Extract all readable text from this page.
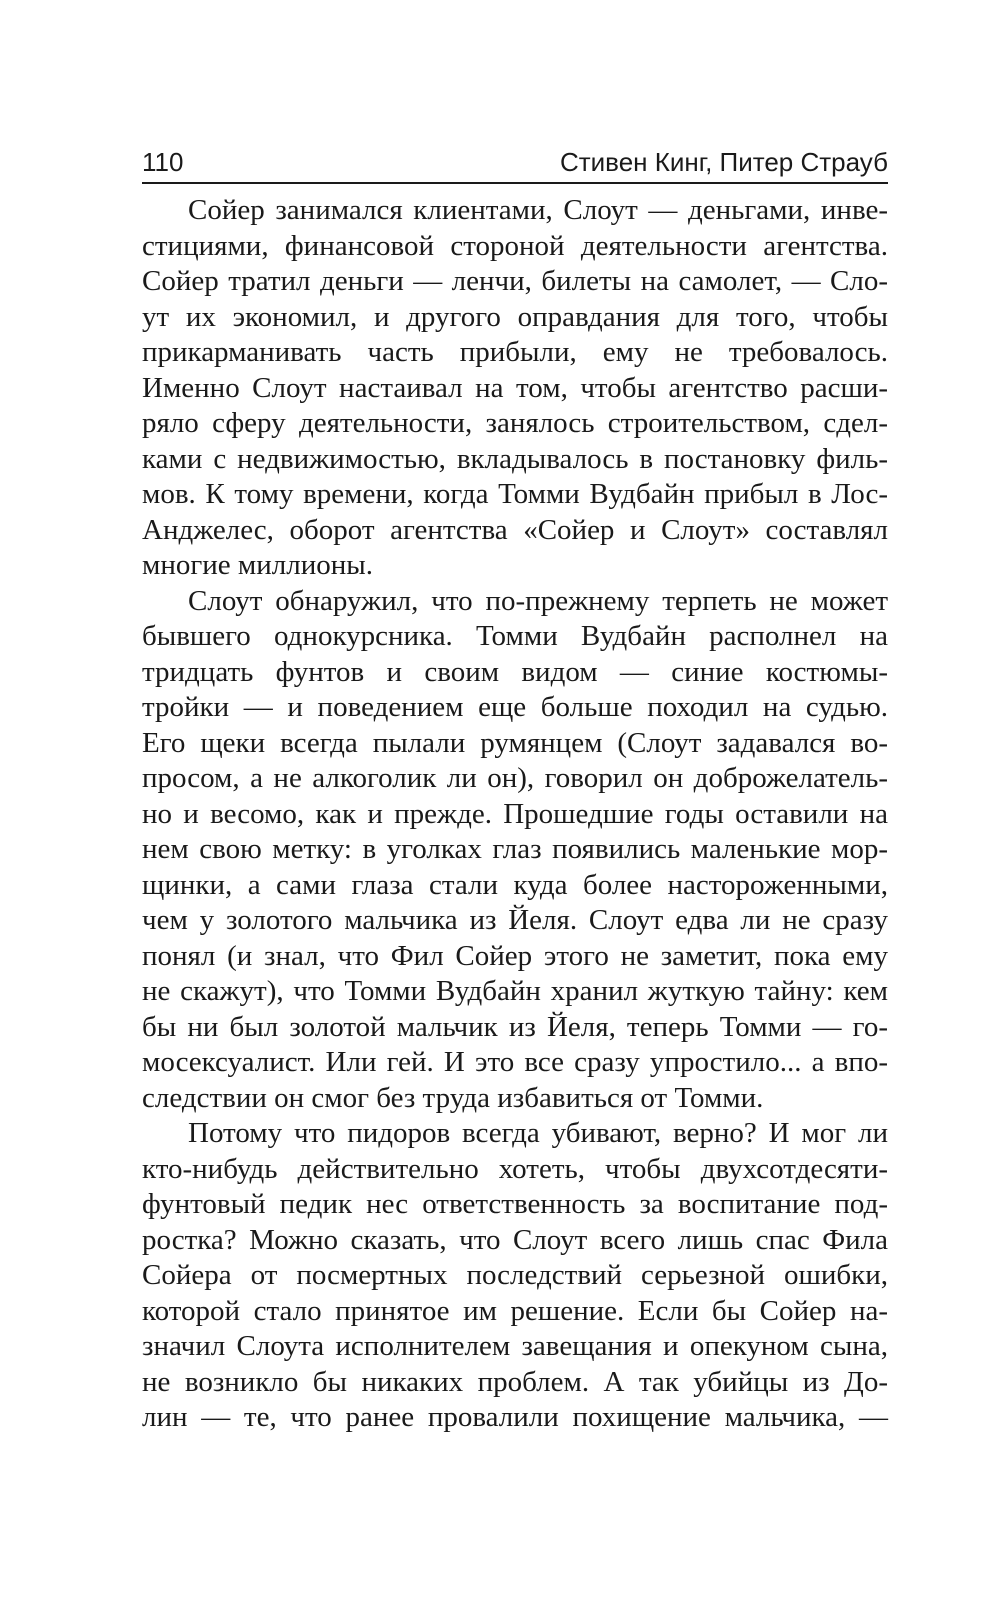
110	Стивен Кинг, Питер Страуб
Сойер занимался клиентами, Слоут — деньгами, инве-
стициями, финансовой стороной деятельности агентства.
Сойер тратил деньги — ленчи, билеты на самолет, — Сло-
ут их экономил, и другого оправдания для того, чтобы
прикарманивать часть прибыли, ему не требовалось.
Именно Слоут настаивал на том, чтобы агентство расши-
ряло сферу деятельности, занялось строительством, сдел-
ками с недвижимостью, вкладывалось в постановку филь-
мов. К тому времени, когда Томми Вудбайн прибыл в Лос-
Анджелес, оборот агентства «Сойер и Слоут» составлял
многие миллионы.
Слоут обнаружил, что по-прежнему терпеть не может
бывшего однокурсника. Томми Вудбайн располнел на
тридцать фунтов и своим видом — синие костюмы-
тройки — и поведением еще больше походил на судью.
Его щеки всегда пылали румянцем (Слоут задавался во-
просом, а не алкоголик ли он), говорил он доброжелатель-
но и весомо, как и прежде. Прошедшие годы оставили на
нем свою метку: в уголках глаз появились маленькие мор-
щинки, а сами глаза стали куда более настороженными,
чем у золотого мальчика из Йеля. Слоут едва ли не сразу
понял (и знал, что Фил Сойер этого не заметит, пока ему
не скажут), что Томми Вудбайн хранил жуткую тайну: кем
бы ни был золотой мальчик из Йеля, теперь Томми — го-
мосексуалист. Или гей. И это все сразу упростило... а впо-
следствии он смог без труда избавиться от Томми.
Потому что пидоров всегда убивают, верно? И мог ли
кто-нибудь действительно хотеть, чтобы двухсотдесяти-
фунтовый педик нес ответственность за воспитание под-
ростка? Можно сказать, что Слоут всего лишь спас Фила
Сойера от посмертных последствий серьезной ошибки,
которой стало принятое им решение. Если бы Сойер на-
значил Слоута исполнителем завещания и опекуном сына,
не возникло бы никаких проблем. А так убийцы из До-
лин — те, что ранее провалили похищение мальчика, —
